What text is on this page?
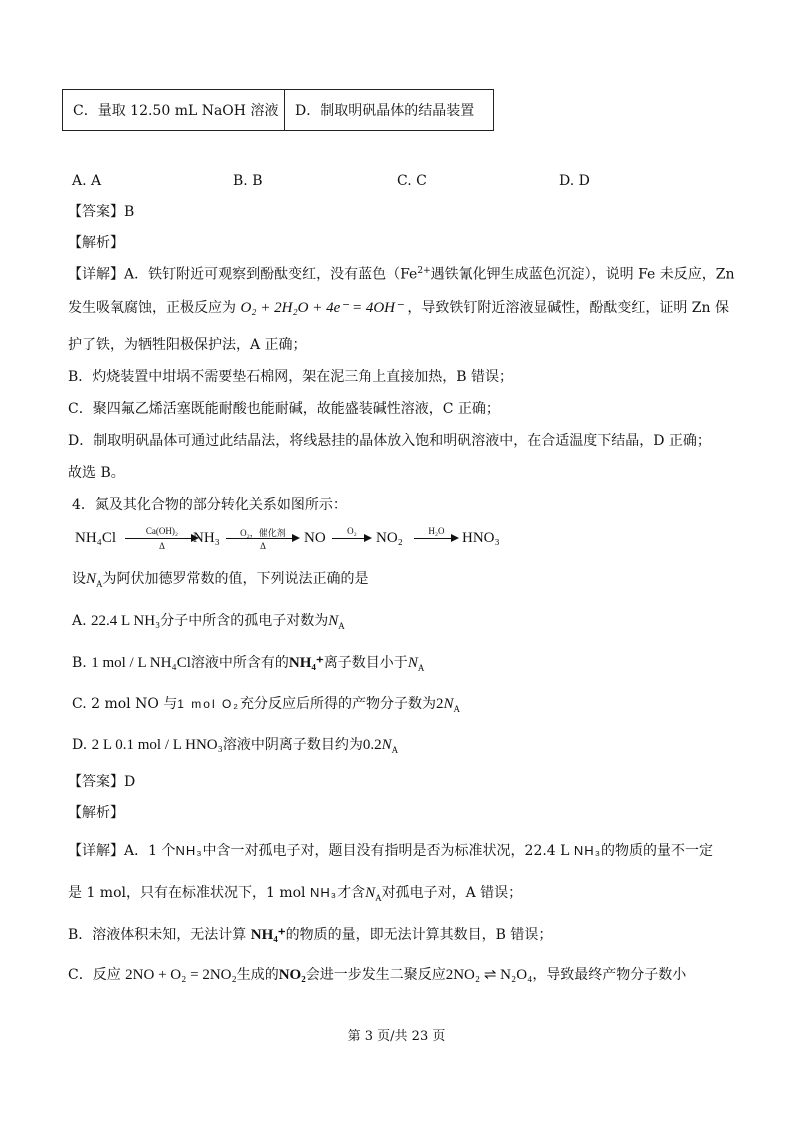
C．量取 12.50 mL NaOH 溶液	D．制取明矾晶体的结晶装置
A. A	B. B	C. C	D. D
【答案】B
【解析】
【详解】A．铁钉附近可观察到酚酞变红，没有蓝色（$Fe^{2+}$遇铁氰化钾生成蓝色沉淀），说明 Fe 未反应，Zn
发生吸氧腐蚀，正极反应为 O₂ + 2H₂O + 4e⁻ = 4OH⁻ ，导致铁钉附近溶液显碱性，酚酞变红，证明 Zn 保
护了铁，为牺牲阳极保护法，A 正确；
B．灼烧装置中坩埚不需要垫石棉网，架在泥三角上直接加热，B 错误；
C．聚四氟乙烯活塞既能耐酸也能耐碱，故能盛装碱性溶液，C 正确；
D．制取明矾晶体可通过此结晶法，将线悬挂的晶体放入饱和明矾溶液中，在合适温度下结晶，D 正确；
故选 B。
4．氮及其化合物的部分转化关系如图所示：
NH₄Cl	Ca(OH)₂
Δ	NH₃	O₂，催化剂
Δ	NO	O₂	NO₂	H₂O	HNO₃
设$N_A$为阿伏加德罗常数的值，下列说法正确的是
A. 22.4 L NH₃分子中所含的孤电子对数为$N_A$
B. 1 mol / L NH₄Cl溶液中所含有的NH₄⁺离子数目小于$N_A$
C. 2 mol NO 与1 mol O₂充分反应后所得的产物分子数为$2N_A$
D. 2 L 0.1 mol / L HNO₃溶液中阴离子数目约为$0.2N_A$
【答案】D
【解析】
【详解】A．1 个NH₃中含一对孤电子对，题目没有指明是否为标准状况，22.4 L NH₃的物质的量不一定
是 1 mol，只有在标准状况下，1 mol NH₃才含$N_A$对孤电子对，A 错误；
B．溶液体积未知，无法计算 NH₄⁺的物质的量，即无法计算其数目，B 错误；
C．反应 2NO + O₂ = 2NO₂生成的NO₂会进一步发生二聚反应2NO₂ ⇌ N₂O₄，导致最终产物分子数小
第 3 页/共 23 页
